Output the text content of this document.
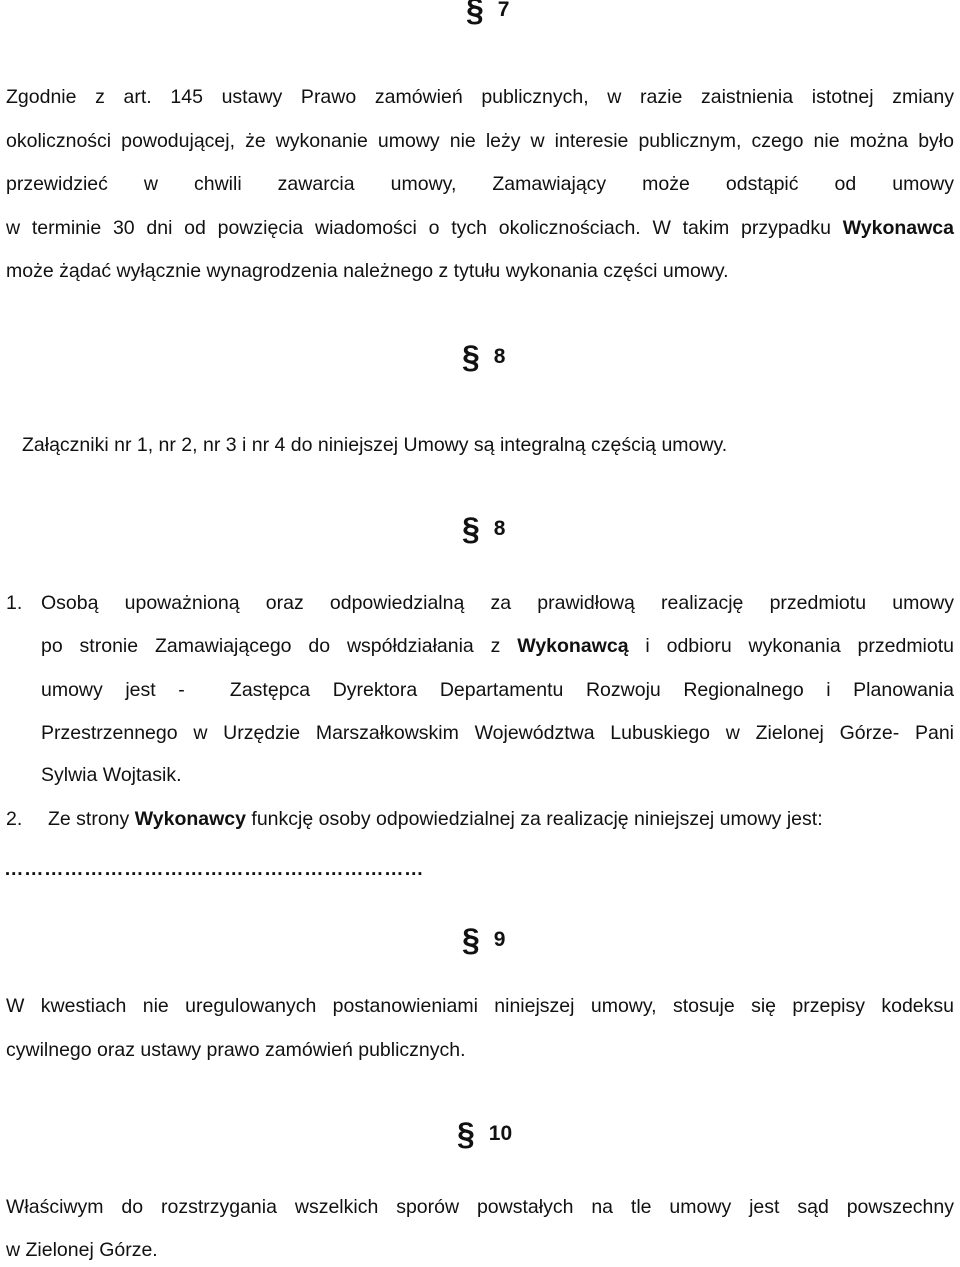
§ 7
Zgodnie z art. 145 ustawy Prawo zamówień publicznych, w razie zaistnienia istotnej zmiany
okoliczności powodującej, że wykonanie umowy nie leży w interesie publicznym, czego nie można było
przewidzieć w chwili zawarcia umowy, Zamawiający może odstąpić od umowy
w terminie 30 dni od powzięcia wiadomości o tych okolicznościach. W takim przypadku Wykonawca
może żądać wyłącznie wynagrodzenia należnego z tytułu wykonania części umowy.
§ 8
Załączniki nr 1, nr 2, nr 3 i nr 4 do niniejszej Umowy są integralną częścią umowy.
§ 8
1. Osobą upoważnioną oraz odpowiedzialną za prawidłową realizację przedmiotu umowy
po stronie Zamawiającego do współdziałania z Wykonawcą i odbioru wykonania przedmiotu
umowy jest -  Zastępca Dyrektora Departamentu Rozwoju Regionalnego i Planowania
Przestrzennego w Urzędzie Marszałkowskim Województwa Lubuskiego w Zielonej Górze- Pani
Sylwia Wojtasik.
2. Ze strony Wykonawcy funkcję osoby odpowiedzialnej za realizację niniejszej umowy jest:
………………………………………………………
§ 9
W kwestiach nie uregulowanych postanowieniami niniejszej umowy, stosuje się przepisy kodeksu
cywilnego oraz ustawy prawo zamówień publicznych.
§ 10
Właściwym do rozstrzygania wszelkich sporów powstałych na tle umowy jest sąd powszechny
w Zielonej Górze.
